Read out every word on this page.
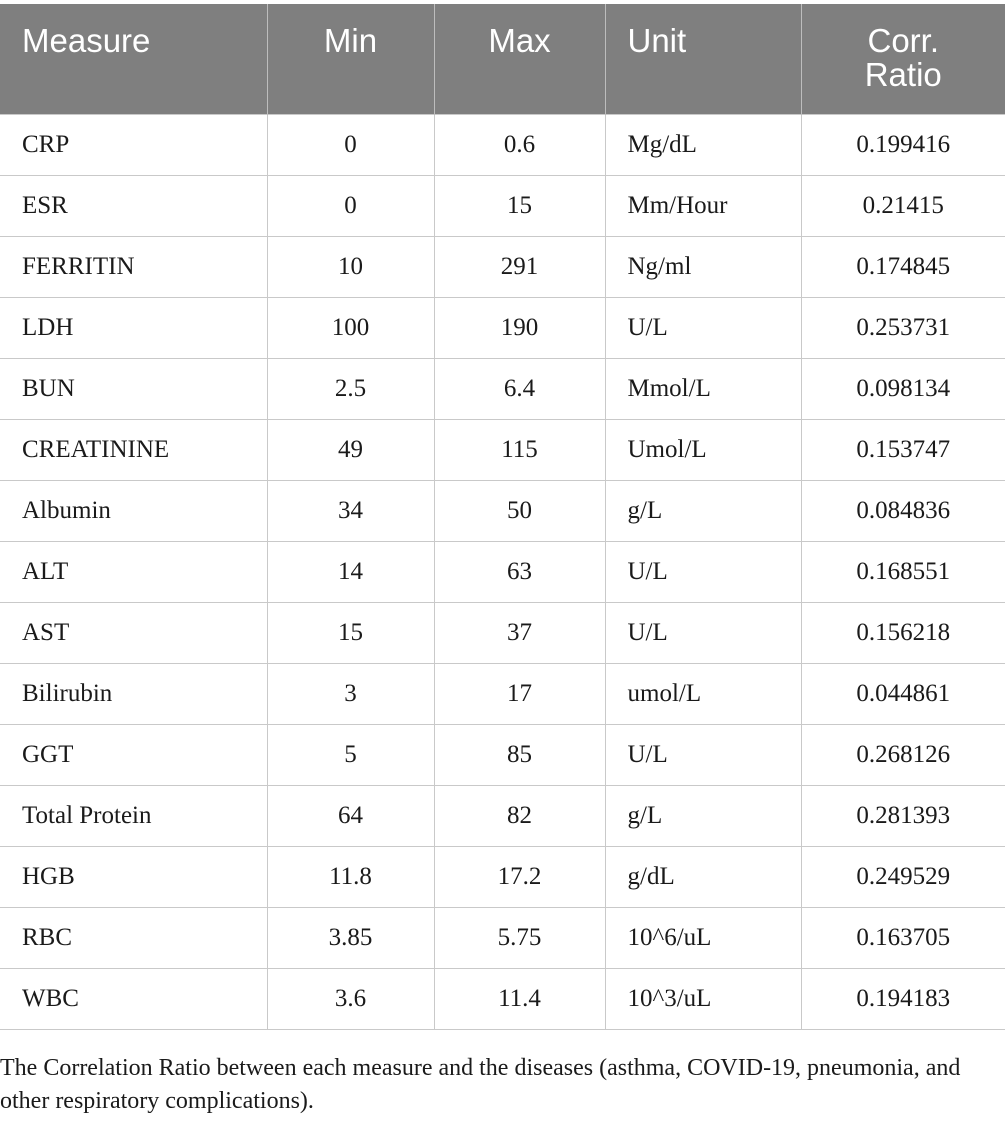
Measure	Min	Max	Unit	Corr.
Ratio
CRP	0	0.6	Mg/dL	0.199416
ESR	0	15	Mm/Hour	0.21415
FERRITIN	10	291	Ng/ml	0.174845
LDH	100	190	U/L	0.253731
BUN	2.5	6.4	Mmol/L	0.098134
CREATININE	49	115	Umol/L	0.153747
Albumin	34	50	g/L	0.084836
ALT	14	63	U/L	0.168551
AST	15	37	U/L	0.156218
Bilirubin	3	17	umol/L	0.044861
GGT	5	85	U/L	0.268126
Total Protein	64	82	g/L	0.281393
HGB	11.8	17.2	g/dL	0.249529
RBC	3.85	5.75	10^6/uL	0.163705
WBC	3.6	11.4	10^3/uL	0.194183
The Correlation Ratio between each measure and the diseases (asthma, COVID-19, pneumonia, and other respiratory complications).
